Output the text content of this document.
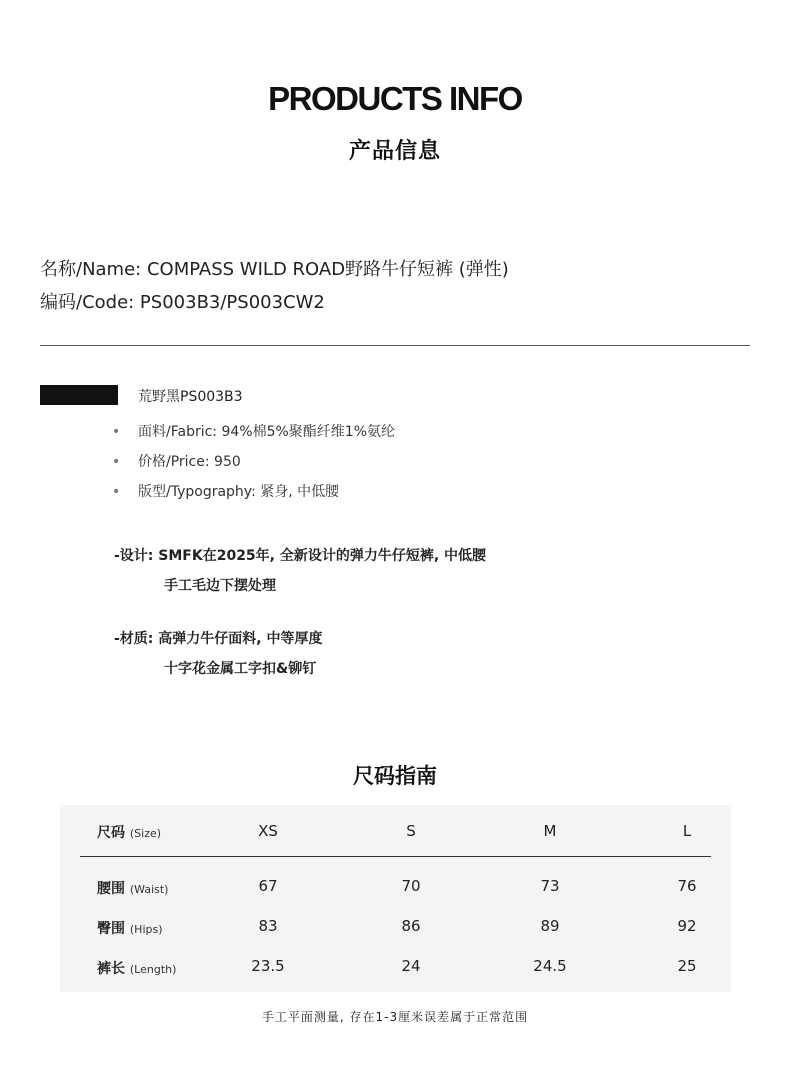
PRODUCTS INFO
产品信息
名称/Name: COMPASS WILD ROAD野路牛仔短裤 (弹性)
编码/Code: PS003B3/PS003CW2
荒野黑PS003B3
• 面料/Fabric: 94%棉5%聚酯纤维1%氨纶
• 价格/Price: 950
• 版型/Typography: 紧身, 中低腰
-设计: SMFK在2025年, 全新设计的弹力牛仔短裤, 中低腰
手工毛边下摆处理
-材质: 高弹力牛仔面料, 中等厚度
十字花金属工字扣&铆钉
尺码指南
尺码 (Size)	XS	S	M	L
腰围 (Waist)	67	70	73	76
臀围 (Hips)	83	86	89	92
裤长 (Length)	23.5	24	24.5	25
手工平面测量, 存在1-3厘米误差属于正常范围
